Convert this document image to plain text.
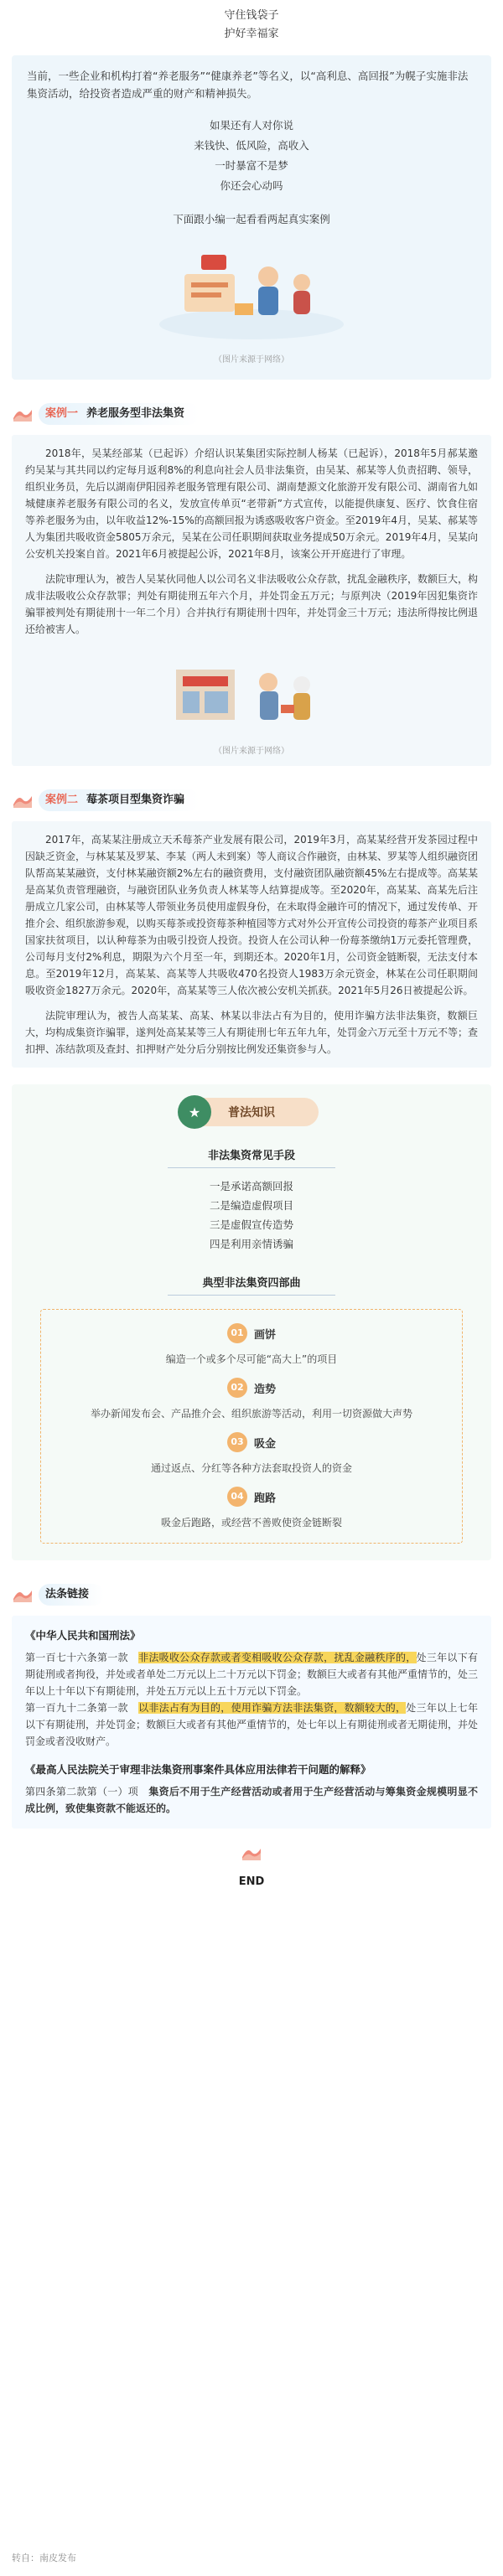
守住钱袋子
护好幸福家

当前，一些企业和机构打着“养老服务”“健康养老”等名义，以“高利息、高回报”为幌子实施非法集资活动，给投资者造成严重的财产和精神损失。

如果还有人对你说
来钱快、低风险，高收入
一时暴富不是梦
你还会心动吗
下面跟小编一起看看两起真实案例
（图片来源于网络）
案例一 养老服务型非法集资

2018年，吴某经部某（已起诉）介绍认识某集团实际控制人杨某（已起诉），2018年5月郝某邀约吴某与其共同以约定每月返利8%的利息向社会人员非法集资，由吴某、郝某等人负责招聘、领导，组织业务员，先后以湖南伊阳园养老服务管理有限公司、湖南楚源文化旅游开发有限公司、湖南省九如城健康养老服务有限公司的名义，发放宣传单页“老带新”方式宣传，以能提供康复、医疗、饮食住宿等养老服务为由，以年收益12%-15%的高额回报为诱惑吸收客户资金。至2019年4月，吴某、郝某等人为集团共吸收资金5805万余元，吴某在公司任职期间获取业务提成50万余元。2019年4月，吴某向公安机关投案自首。2021年6月被提起公诉，2021年8月，该案公开开庭进行了审理。

法院审理认为，被告人吴某伙同他人以公司名义非法吸收公众存款，扰乱金融秩序，数额巨大，构成非法吸收公众存款罪；判处有期徒刑五年六个月，并处罚金五万元；与原判决（2019年因犯集资诈骗罪被判处有期徒刑十一年二个月）合并执行有期徒刑十四年，并处罚金三十万元；违法所得按比例退还给被害人。

（图片来源于网络）
案例二 莓茶项目型集资诈骗

2017年，高某某注册成立天禾莓茶产业发展有限公司，2019年3月，高某某经营开发茶园过程中因缺乏资金，与林某某及罗某、李某（两人未到案）等人商议合作融资，由林某、罗某等人组织融资团队帮高某某融资，支付林某融资额2%左右的融资费用，支付融资团队融资额45%左右提成等。高某某是高某负责管理融资，与融资团队业务负责人林某等人结算提成等。至2020年，高某某、高某先后注册成立几家公司，由林某等人带领业务员使用虚假身份，在未取得金融许可的情况下，通过发传单、开推介会、组织旅游参观，以购买莓茶或投资莓茶种植园等方式对外公开宣传公司投资的莓茶产业项目系国家扶贫项目，以认种莓茶为由吸引投资人投资。投资人在公司认种一份莓茶缴纳1万元委托管理费，公司每月支付2%利息，期限为六个月至一年，到期还本。2020年1月，公司资金链断裂，无法支付本息。至2019年12月，高某某、高某等人共吸收470名投资人1983万余元资金，林某在公司任职期间吸收资金1827万余元。2020年，高某某等三人依次被公安机关抓获。2021年5月26日被提起公诉。

法院审理认为，被告人高某某、高某、林某以非法占有为目的，使用诈骗方法非法集资，数额巨大，均构成集资诈骗罪，遂判处高某某等三人有期徒刑七年五年九年，处罚金六万元至十万元不等；查扣押、冻结款项及查封、扣押财产处分后分别按比例发还集资参与人。

★	普法知识
非法集资常见手段
一是承诺高额回报
二是编造虚假项目
三是虚假宣传造势
四是利用亲情诱骗
典型非法集资四部曲
01 画饼
编造一个或多个尽可能“高大上”的项目
02 造势
举办新闻发布会、产品推介会、组织旅游等活动，利用一切资源做大声势
03 吸金
通过返点、分红等各种方法套取投资人的资金
04 跑路
吸金后跑路，或经营不善败使资金链断裂
法条链接
《中华人民共和国刑法》

第一百七十六条第一款　非法吸收公众存款或者变相吸收公众存款，扰乱金融秩序的，处三年以下有期徒刑或者拘役，并处或者单处二万元以上二十万元以下罚金；数额巨大或者有其他严重情节的，处三年以上十年以下有期徒刑，并处五万元以上五十万元以下罚金。

第一百九十二条第一款　以非法占有为目的，使用诈骗方法非法集资，数额较大的，处三年以上七年以下有期徒刑，并处罚金；数额巨大或者有其他严重情节的，处七年以上有期徒刑或者无期徒刑，并处罚金或者没收财产。

《最高人民法院关于审理非法集资刑事案件具体应用法律若干问题的解释》

第四条第二款第（一）项　集资后不用于生产经营活动或者用于生产经营活动与筹集资金规模明显不成比例，致使集资款不能返还的。

END
转自：南皮发布
